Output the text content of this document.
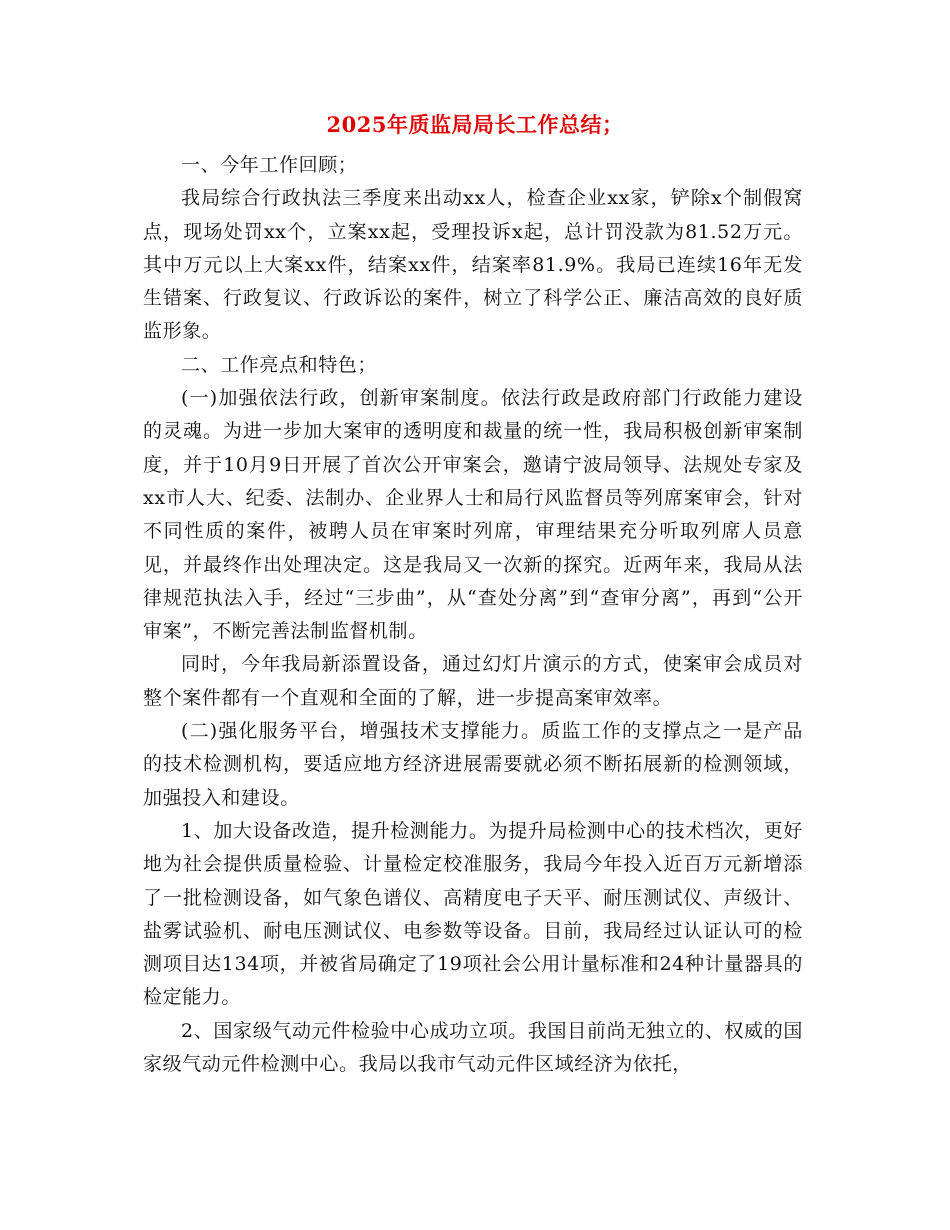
2025年质监局局长工作总结；

一、今年工作回顾；

我局综合行政执法三季度来出动xx人，检查企业xx家，铲除x个制假窝点，现场处罚xx个，立案xx起，受理投诉x起，总计罚没款为81.52万元。其中万元以上大案xx件，结案xx件，结案率81.9%。我局已连续16年无发生错案、行政复议、行政诉讼的案件，树立了科学公正、廉洁高效的良好质监形象。

二、工作亮点和特色；

(一)加强依法行政，创新审案制度。依法行政是政府部门行政能力建设的灵魂。为进一步加大案审的透明度和裁量的统一性，我局积极创新审案制度，并于10月9日开展了首次公开审案会，邀请宁波局领导、法规处专家及xx市人大、纪委、法制办、企业界人士和局行风监督员等列席案审会，针对不同性质的案件，被聘人员在审案时列席，审理结果充分听取列席人员意见，并最终作出处理决定。这是我局又一次新的探究。近两年来，我局从法律规范执法入手，经过“三步曲”，从“查处分离”到“查审分离”，再到“公开审案”，不断完善法制监督机制。

同时，今年我局新添置设备，通过幻灯片演示的方式，使案审会成员对整个案件都有一个直观和全面的了解，进一步提高案审效率。

(二)强化服务平台，增强技术支撑能力。质监工作的支撑点之一是产品的技术检测机构，要适应地方经济进展需要就必须不断拓展新的检测领域，加强投入和建设。

1、加大设备改造，提升检测能力。为提升局检测中心的技术档次，更好地为社会提供质量检验、计量检定校准服务，我局今年投入近百万元新增添了一批检测设备，如气象色谱仪、高精度电子天平、耐压测试仪、声级计、盐雾试验机、耐电压测试仪、电参数等设备。目前，我局经过认证认可的检测项目达134项，并被省局确定了19项社会公用计量标准和24种计量器具的检定能力。

2、国家级气动元件检验中心成功立项。我国目前尚无独立的、权威的国家级气动元件检测中心。我局以我市气动元件区域经济为依托，
